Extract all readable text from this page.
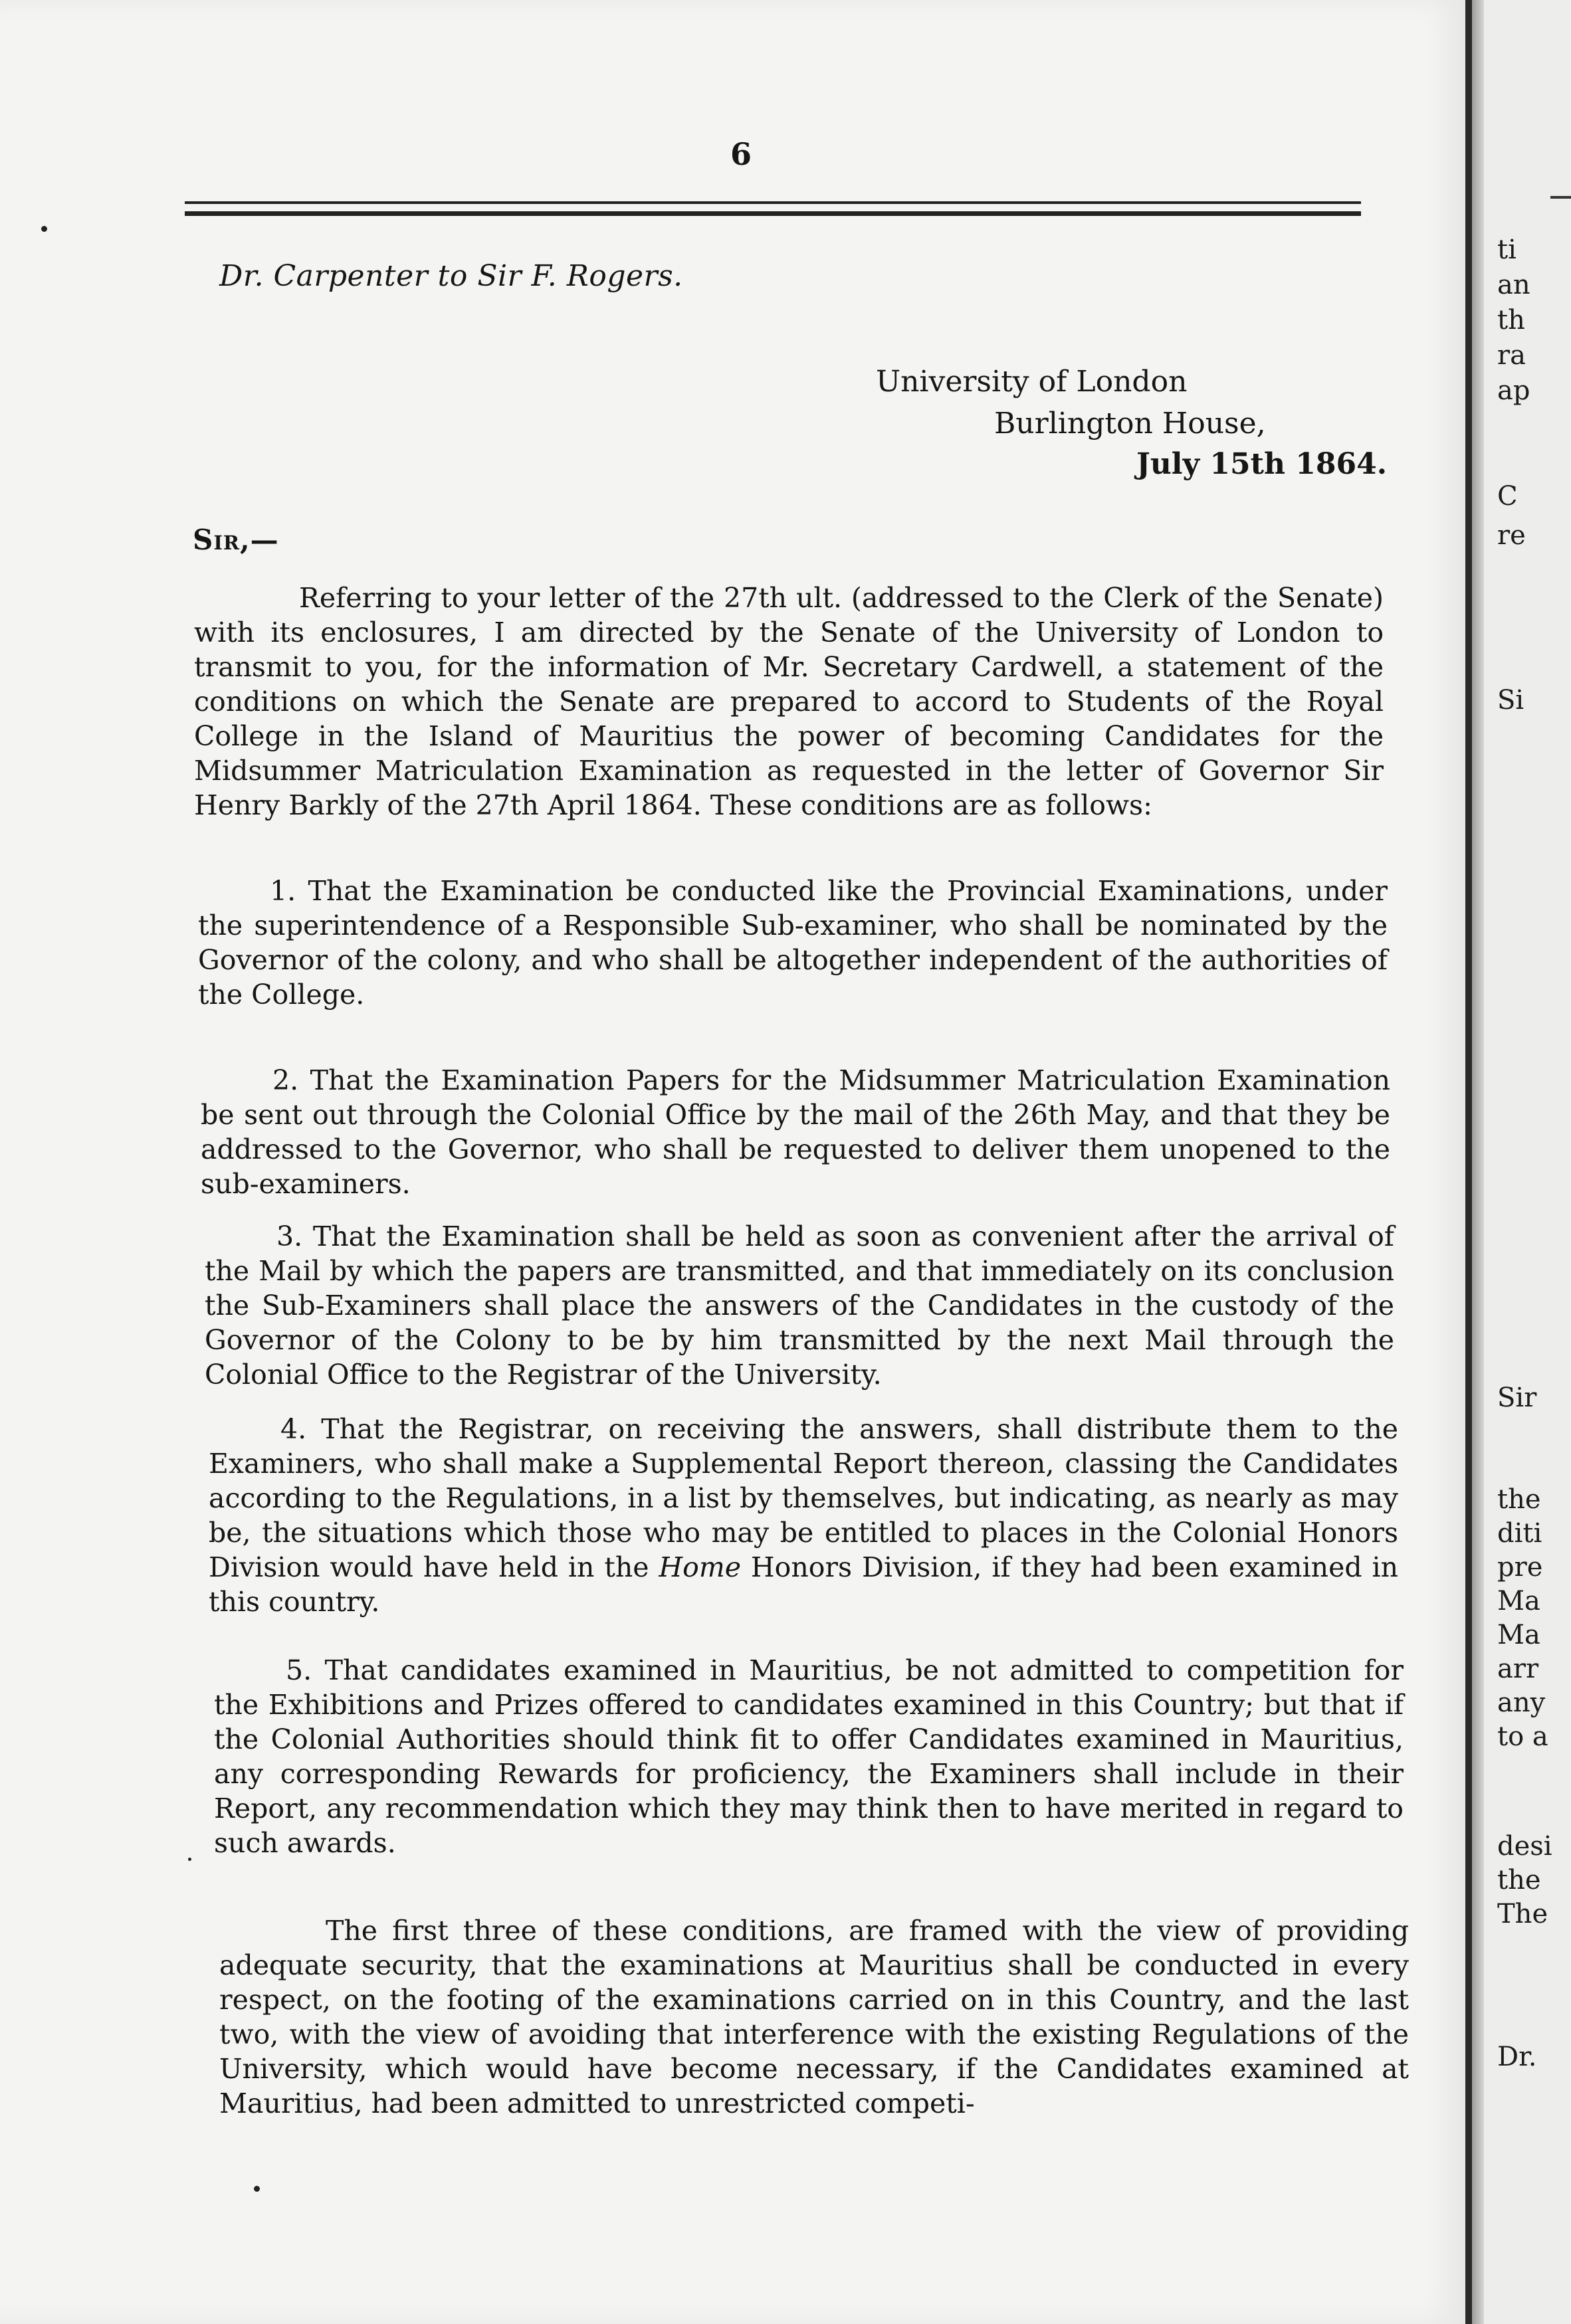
6
Dr. Carpenter to Sir F. Rogers.
University of London
Burlington House,
July 15th 1864.
Sir,—

Referring to your letter of the 27th ult. (addressed to the Clerk of the Senate) with its enclosures, I am directed by the Senate of the University of London to transmit to you, for the information of Mr. Secretary Cardwell, a statement of the conditions on which the Senate are prepared to accord to Students of the Royal College in the Island of Mauritius the power of becoming Candidates for the Midsummer Matriculation Examination as requested in the letter of Governor Sir Henry Barkly of the 27th April 1864. These conditions are as follows:

1. That the Examination be conducted like the Provincial Examinations, under the superintendence of a Responsible Sub-examiner, who shall be nominated by the Governor of the colony, and who shall be altogether independent of the authorities of the College.

2. That the Examination Papers for the Midsummer Matriculation Examination be sent out through the Colonial Office by the mail of the 26th May, and that they be addressed to the Governor, who shall be requested to deliver them unopened to the sub-examiners.

3. That the Examination shall be held as soon as convenient after the arrival of the Mail by which the papers are transmitted, and that immediately on its conclusion the Sub-Examiners shall place the answers of the Candidates in the custody of the Governor of the Colony to be by him transmitted by the next Mail through the Colonial Office to the Registrar of the University.

4. That the Registrar, on receiving the answers, shall distribute them to the Examiners, who shall make a Supplemental Report thereon, classing the Candidates according to the Regulations, in a list by themselves, but indicating, as nearly as may be, the situations which those who may be entitled to places in the Colonial Honors Division would have held in the Home Honors Division, if they had been examined in this country.

5. That candidates examined in Mauritius, be not admitted to competition for the Exhibitions and Prizes offered to candidates examined in this Country; but that if the Colonial Authorities should think fit to offer Candidates examined in Mauritius, any corresponding Rewards for proficiency, the Examiners shall include in their Report, any recommendation which they may think then to have merited in regard to such awards.

The first three of these conditions, are framed with the view of providing adequate security, that the examinations at Mauritius shall be conducted in every respect, on the footing of the examinations carried on in this Country, and the last two, with the view of avoiding that interference with the existing Regulations of the University, which would have become necessary, if the Candidates examined at Mauritius, had been admitted to unrestricted competi-

ti
an
th
ra
ap
C
re
Si
Sir
the
diti
pre
Ma
Ma
arr
any
to a
desi
the
The
Dr.
